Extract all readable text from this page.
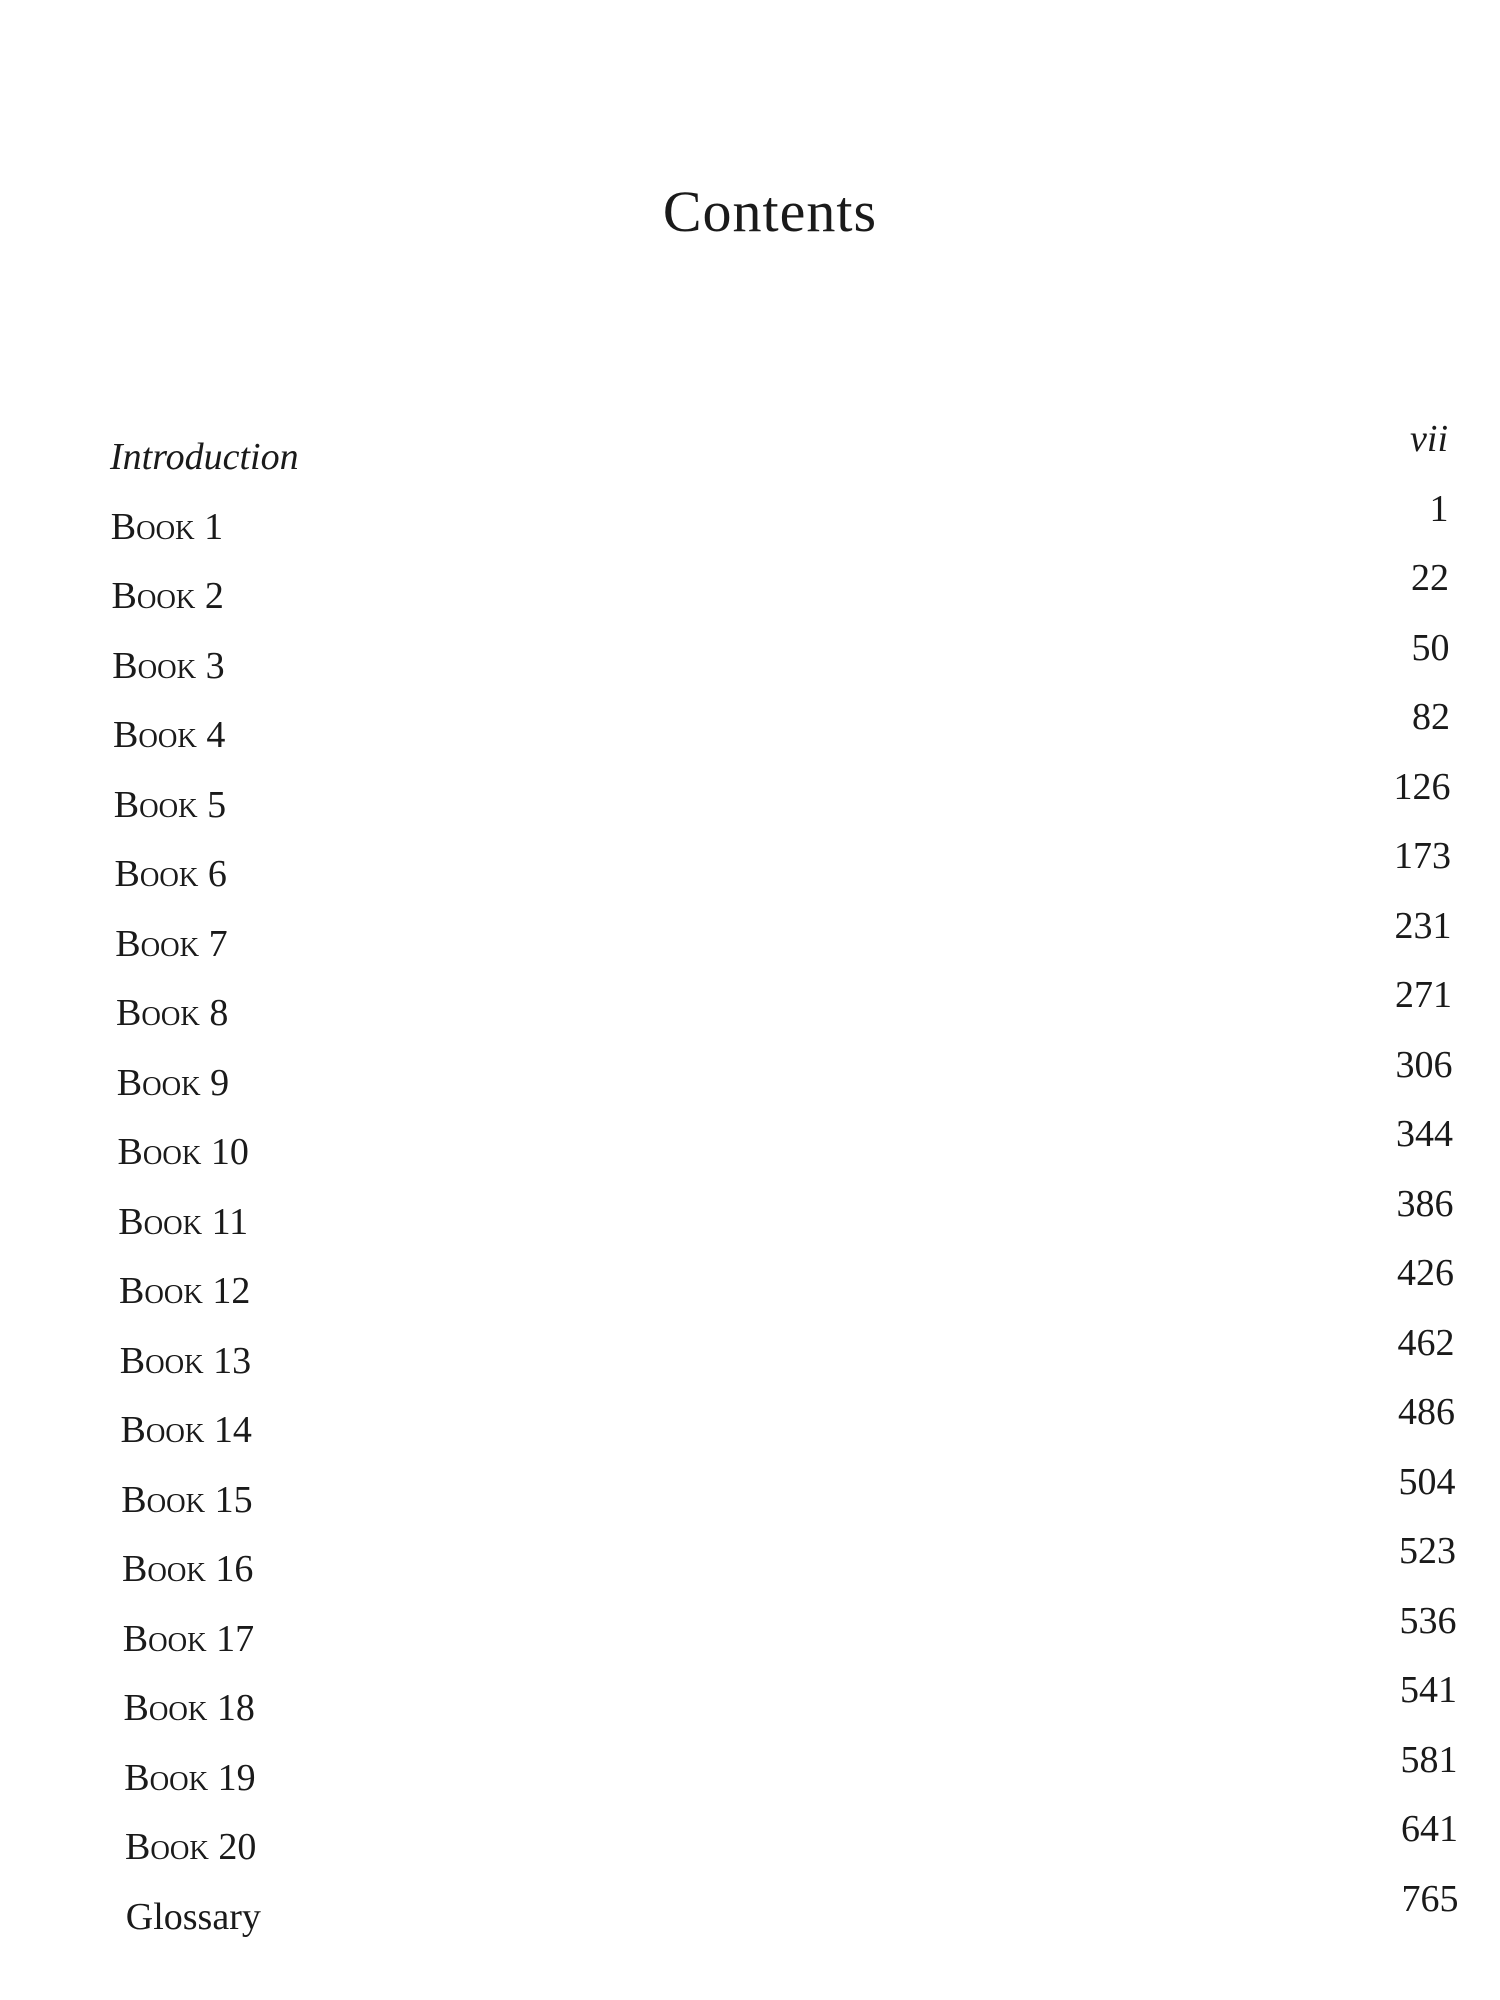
Contents
Introduction	vii
Book 1	1
Book 2	22
Book 3	50
Book 4	82
Book 5	126
Book 6	173
Book 7	231
Book 8	271
Book 9	306
Book 10	344
Book 11	386
Book 12	426
Book 13	462
Book 14	486
Book 15	504
Book 16	523
Book 17	536
Book 18	541
Book 19	581
Book 20	641
Glossary	765
